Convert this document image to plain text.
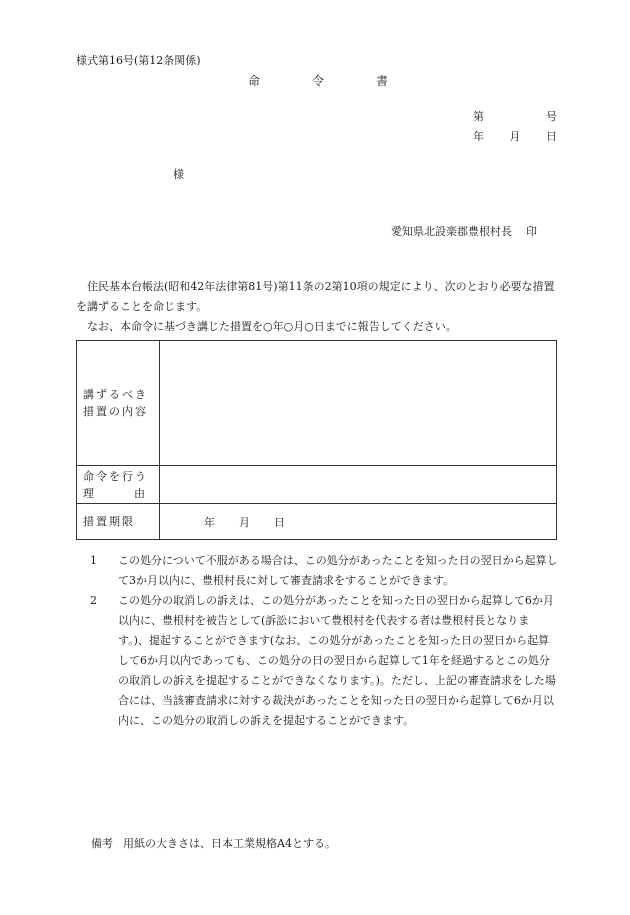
様式第16号(第12条関係)
命	令	書
第	号
年 月 日
様
愛知県北設楽郡豊根村長 印

住民基本台帳法(昭和42年法律第81号)第11条の2第10項の規定により、次のとおり必要な措置を講ずることを命じます。

なお、本命令に基づき講じた措置を○年○月○日までに報告してください。

講ずるべき
措置の内容	

命令を行う
理 由	

措置期限	年 月 日
1	この処分について不服がある場合は、この処分があったことを知った日の翌日から起算して3か月以内に、豊根村長に対して審査請求をすることができます。
2	この処分の取消しの訴えは、この処分があったことを知った日の翌日から起算して6か月以内に、豊根村を被告として(訴訟において豊根村を代表する者は豊根村長となります。)、提起することができます(なお、この処分があったことを知った日の翌日から起算して6か月以内であっても、この処分の日の翌日から起算して1年を経過するとこの処分の取消しの訴えを提起することができなくなります。)。ただし、上記の審査請求をした場合には、当該審査請求に対する裁決があったことを知った日の翌日から起算して6か月以内に、この処分の取消しの訴えを提起することができます。
備考 用紙の大きさは、日本工業規格A4とする。
